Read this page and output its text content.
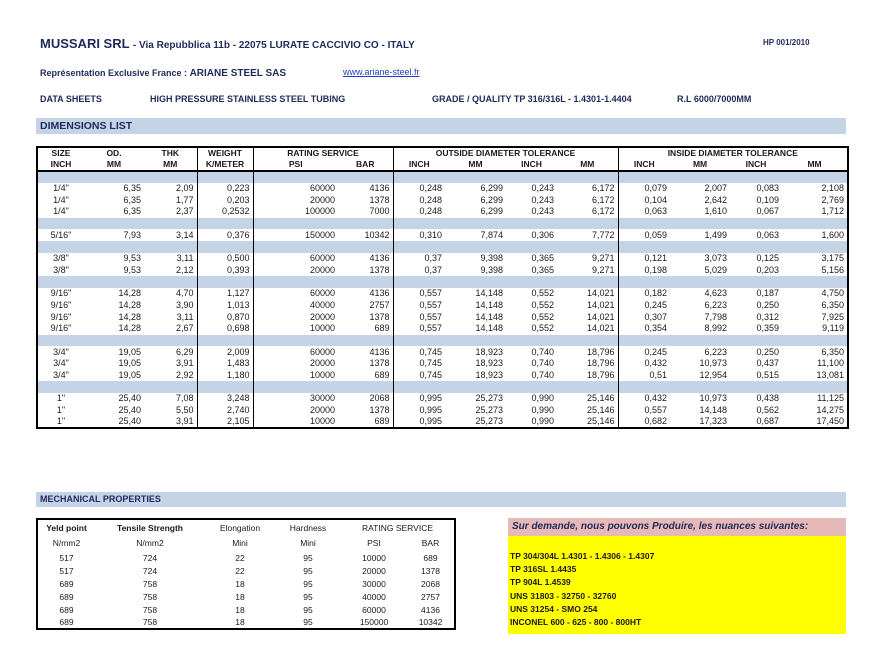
MUSSARI SRL - Via Repubblica 11b - 22075 LURATE CACCIVIO CO - ITALY	HP 001/2010
Représentation Exclusive France : ARIANE STEEL SAS	www.ariane-steel.fr
DATA SHEETS	HIGH PRESSURE STAINLESS STEEL TUBING	GRADE / QUALITY TP 316/316L - 1.4301-1.4404	R.L 6000/7000MM
DIMENSIONS LIST
SIZE	OD.	THK	WEIGHT	RATING SERVICE		OUTSIDE DIAMETER TOLERANCE				INSIDE DIAMETER TOLERANCE			
INCH	MM	MM	K/METER	PSI	BAR	INCH	MM	INCH	MM	INCH	MM	INCH	MM

1/4"	6,35	2,09	0,223	60000	4136	0,248	6,299	0,243	6,172	0,079	2,007	0,083	2,108
1/4"	6,35	1,77	0,203	20000	1378	0,248	6,299	0,243	6,172	0,104	2,642	0,109	2,769
1/4"	6,35	2,37	0,2532	100000	7000	0,248	6,299	0,243	6,172	0,063	1,610	0,067	1,712

5/16"	7,93	3,14	0,376	150000	10342	0,310	7,874	0,306	7,772	0,059	1,499	0,063	1,600

3/8"	9,53	3,11	0,500	60000	4136	0,37	9,398	0,365	9,271	0,121	3,073	0,125	3,175
3/8"	9,53	2,12	0,393	20000	1378	0,37	9,398	0,365	9,271	0,198	5,029	0,203	5,156

9/16"	14,28	4,70	1,127	60000	4136	0,557	14,148	0,552	14,021	0,182	4,623	0,187	4,750
9/16"	14,28	3,90	1,013	40000	2757	0,557	14,148	0,552	14,021	0,245	6,223	0,250	6,350
9/16"	14,28	3,11	0,870	20000	1378	0,557	14,148	0,552	14,021	0,307	7,798	0,312	7,925
9/16"	14,28	2,67	0,698	10000	689	0,557	14,148	0,552	14,021	0,354	8,992	0,359	9,119

3/4"	19,05	6,29	2,009	60000	4136	0,745	18,923	0,740	18,796	0,245	6,223	0,250	6,350
3/4"	19,05	3,91	1,483	20000	1378	0,745	18,923	0,740	18,796	0,432	10,973	0,437	11,100
3/4"	19,05	2,92	1,180	10000	689	0,745	18,923	0,740	18,796	0,51	12,954	0,515	13,081

1"	25,40	7,08	3,248	30000	2068	0,995	25,273	0,990	25,146	0,432	10,973	0,438	11,125
1"	25,40	5,50	2,740	20000	1378	0,995	25,273	0,990	25,146	0,557	14,148	0,562	14,275
1"	25,40	3,91	2,105	10000	689	0,995	25,273	0,990	25,146	0,682	17,323	0,687	17,450
MECHANICAL PROPERTIES
Yeld point	Tensile Strength	Elongation	Hardness	RATING SERVICE	
N/mm2	N/mm2	Mini	Mini	PSI	BAR
517	724	22	95	10000	689
517	724	22	95	20000	1378
689	758	18	95	30000	2068
689	758	18	95	40000	2757
689	758	18	95	60000	4136
689	758	18	95	150000	10342
Sur demande, nous pouvons Produire, les nuances suivantes:
TP 304/304L 1.4301 - 1.4306 - 1.4307
TP 316SL 1.4435
TP 904L 1.4539
UNS 31803 - 32750 - 32760
UNS 31254 - SMO 254
INCONEL 600 - 625 - 800 - 800HT
